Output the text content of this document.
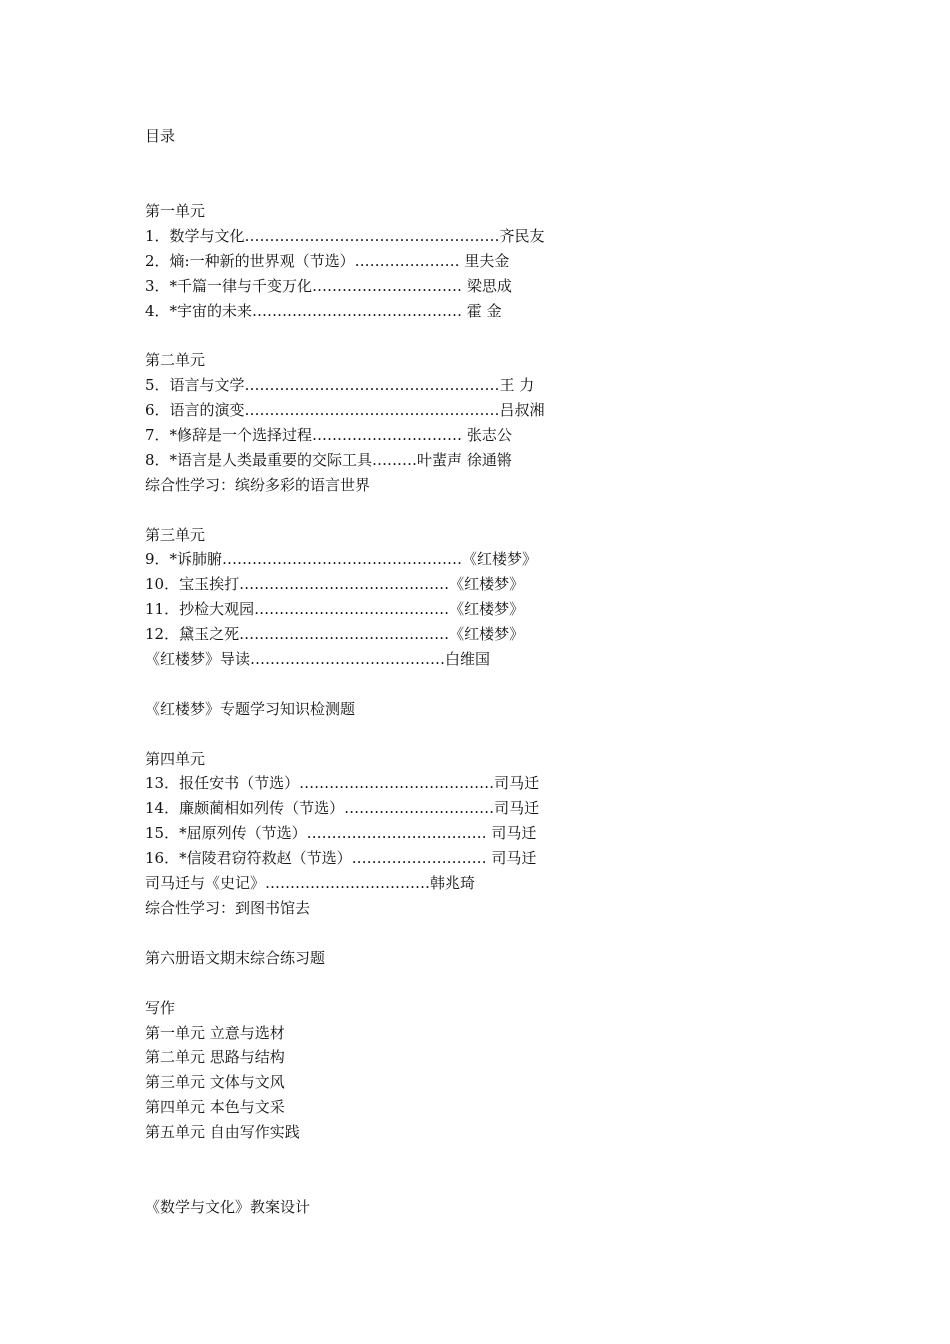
目录
第一单元
1．数学与文化……………………………………………齐民友
2．熵:一种新的世界观（节选）………………… 里夫金
3．*千篇一律与千变万化………………………… 梁思成
4．*宇宙的未来…………………………………… 霍 金
第二单元
5．语言与文学……………………………………………王 力
6．语言的演变……………………………………………吕叔湘
7．*修辞是一个选择过程………………………… 张志公
8．*语言是人类最重要的交际工具………叶蜚声 徐通锵
综合性学习：缤纷多彩的语言世界
第三单元
9．*诉肺腑…………………………………………《红楼梦》
10．宝玉挨打……………………………………《红楼梦》
11．抄检大观园…………………………………《红楼梦》
12．黛玉之死……………………………………《红楼梦》
《红楼梦》导读…………………………………白维国
《红楼梦》专题学习知识检测题
第四单元
13．报任安书（节选）…………………………………司马迁
14．廉颇蔺相如列传（节选）…………………………司马迁
15．*屈原列传（节选）……………………………… 司马迁
16．*信陵君窃符救赵（节选）……………………… 司马迁
司马迁与《史记》……………………………韩兆琦
综合性学习：到图书馆去
第六册语文期末综合练习题
写作
第一单元 立意与选材
第二单元 思路与结构
第三单元 文体与文风
第四单元 本色与文采
第五单元 自由写作实践
《数学与文化》教案设计
